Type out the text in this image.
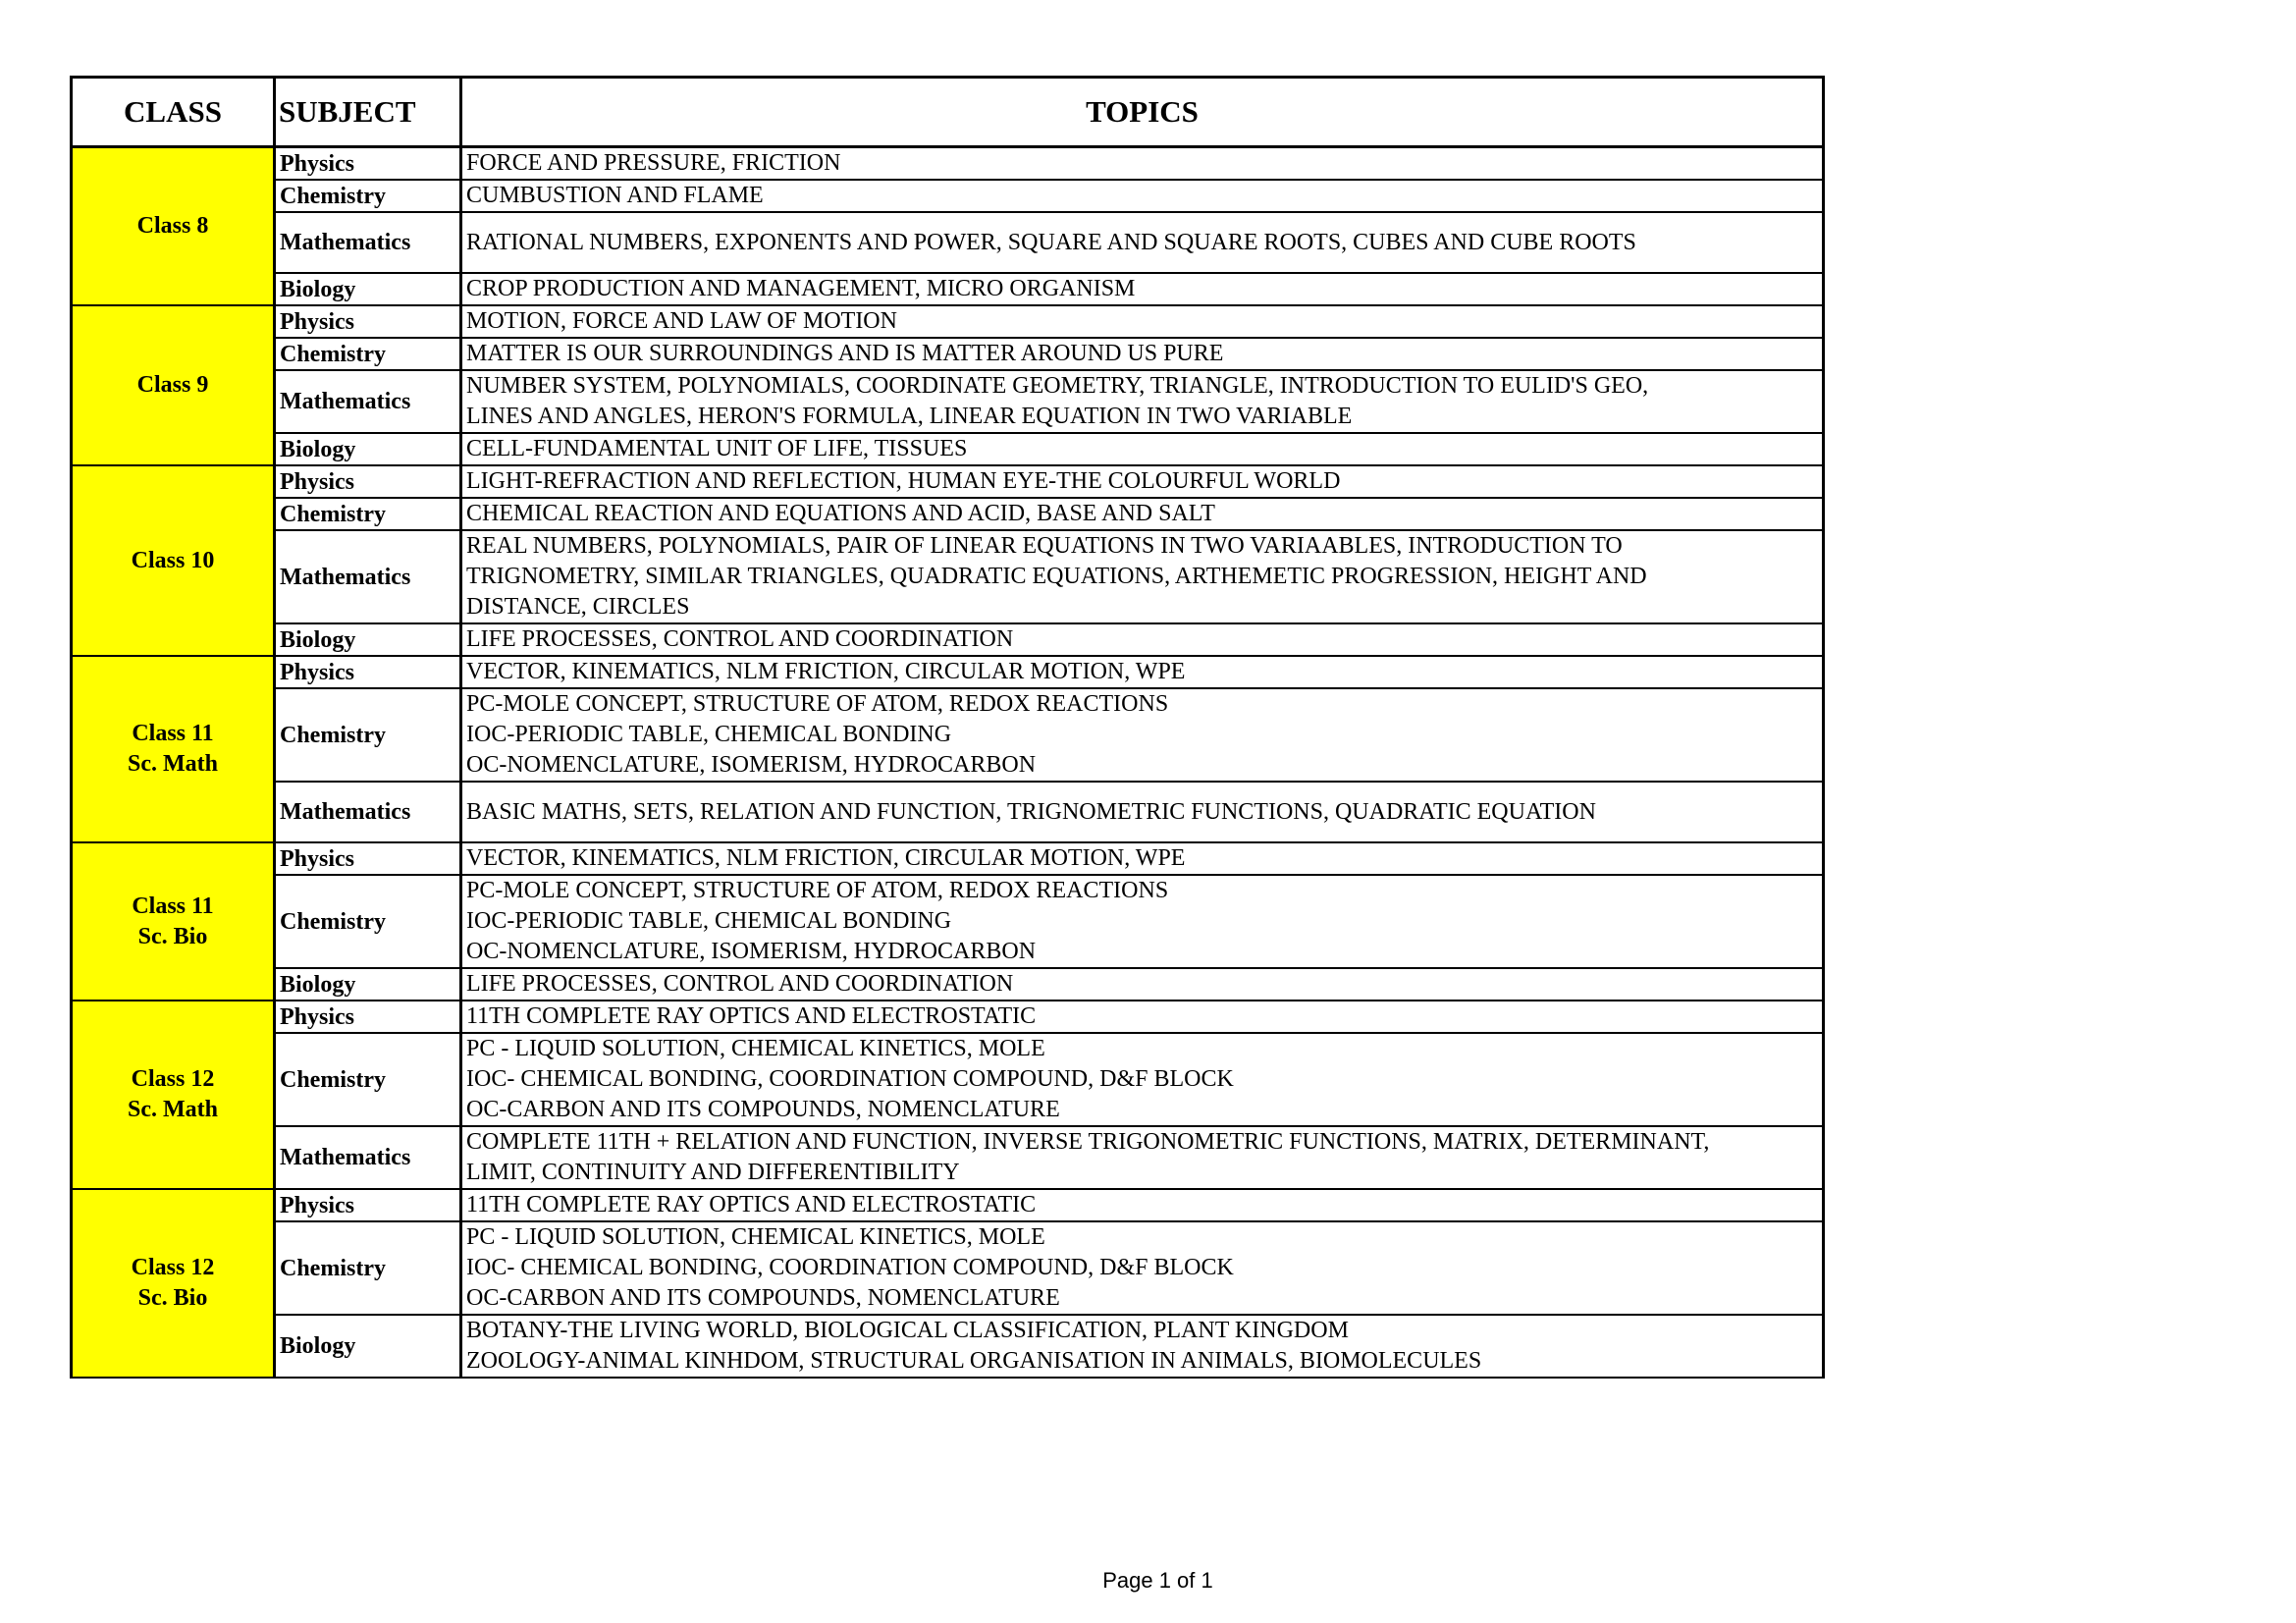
CLASS	SUBJECT	TOPICS

Class 8	Physics	FORCE AND PRESSURE, FRICTION

	Chemistry	CUMBUSTION AND FLAME

	Mathematics	RATIONAL NUMBERS, EXPONENTS AND POWER, SQUARE AND SQUARE ROOTS, CUBES AND CUBE ROOTS

	Biology	CROP PRODUCTION AND MANAGEMENT, MICRO ORGANISM

Class 9	Physics	MOTION, FORCE AND LAW OF MOTION

	Chemistry	MATTER IS OUR SURROUNDINGS AND IS MATTER AROUND US PURE

	Mathematics	NUMBER SYSTEM, POLYNOMIALS, COORDINATE GEOMETRY, TRIANGLE, INTRODUCTION TO EULID'S GEO,
LINES AND ANGLES, HERON'S FORMULA, LINEAR EQUATION IN TWO VARIABLE

	Biology	CELL-FUNDAMENTAL UNIT OF LIFE, TISSUES

Class 10	Physics	LIGHT-REFRACTION AND REFLECTION, HUMAN EYE-THE COLOURFUL WORLD

	Chemistry	CHEMICAL REACTION AND EQUATIONS AND ACID, BASE AND SALT

	Mathematics	REAL NUMBERS, POLYNOMIALS, PAIR OF LINEAR EQUATIONS IN TWO VARIAABLES, INTRODUCTION TO
TRIGNOMETRY, SIMILAR TRIANGLES, QUADRATIC EQUATIONS, ARTHEMETIC PROGRESSION, HEIGHT AND
DISTANCE, CIRCLES

	Biology	LIFE PROCESSES, CONTROL AND COORDINATION

Class 11
Sc. Math	Physics	VECTOR, KINEMATICS, NLM FRICTION, CIRCULAR MOTION, WPE

	Chemistry	PC-MOLE CONCEPT, STRUCTURE OF ATOM, REDOX REACTIONS
IOC-PERIODIC TABLE, CHEMICAL BONDING
OC-NOMENCLATURE, ISOMERISM, HYDROCARBON

	Mathematics	BASIC MATHS, SETS, RELATION AND FUNCTION, TRIGNOMETRIC FUNCTIONS, QUADRATIC EQUATION

Class 11
Sc. Bio	Physics	VECTOR, KINEMATICS, NLM FRICTION, CIRCULAR MOTION, WPE

	Chemistry	PC-MOLE CONCEPT, STRUCTURE OF ATOM, REDOX REACTIONS
IOC-PERIODIC TABLE, CHEMICAL BONDING
OC-NOMENCLATURE, ISOMERISM, HYDROCARBON

	Biology	LIFE PROCESSES, CONTROL AND COORDINATION

Class 12
Sc. Math	Physics	11TH COMPLETE RAY OPTICS AND ELECTROSTATIC

	Chemistry	PC - LIQUID SOLUTION, CHEMICAL KINETICS, MOLE
IOC- CHEMICAL BONDING, COORDINATION COMPOUND, D&F BLOCK
OC-CARBON AND ITS COMPOUNDS, NOMENCLATURE

	Mathematics	COMPLETE 11TH + RELATION AND FUNCTION, INVERSE TRIGONOMETRIC FUNCTIONS, MATRIX, DETERMINANT,
LIMIT, CONTINUITY AND DIFFERENTIBILITY

Class 12
Sc. Bio	Physics	11TH COMPLETE RAY OPTICS AND ELECTROSTATIC

	Chemistry	PC - LIQUID SOLUTION, CHEMICAL KINETICS, MOLE
IOC- CHEMICAL BONDING, COORDINATION COMPOUND, D&F BLOCK
OC-CARBON AND ITS COMPOUNDS, NOMENCLATURE

	Biology	BOTANY-THE LIVING WORLD, BIOLOGICAL CLASSIFICATION, PLANT KINGDOM
ZOOLOGY-ANIMAL KINHDOM, STRUCTURAL ORGANISATION IN ANIMALS, BIOMOLECULES
Page 1 of 1
